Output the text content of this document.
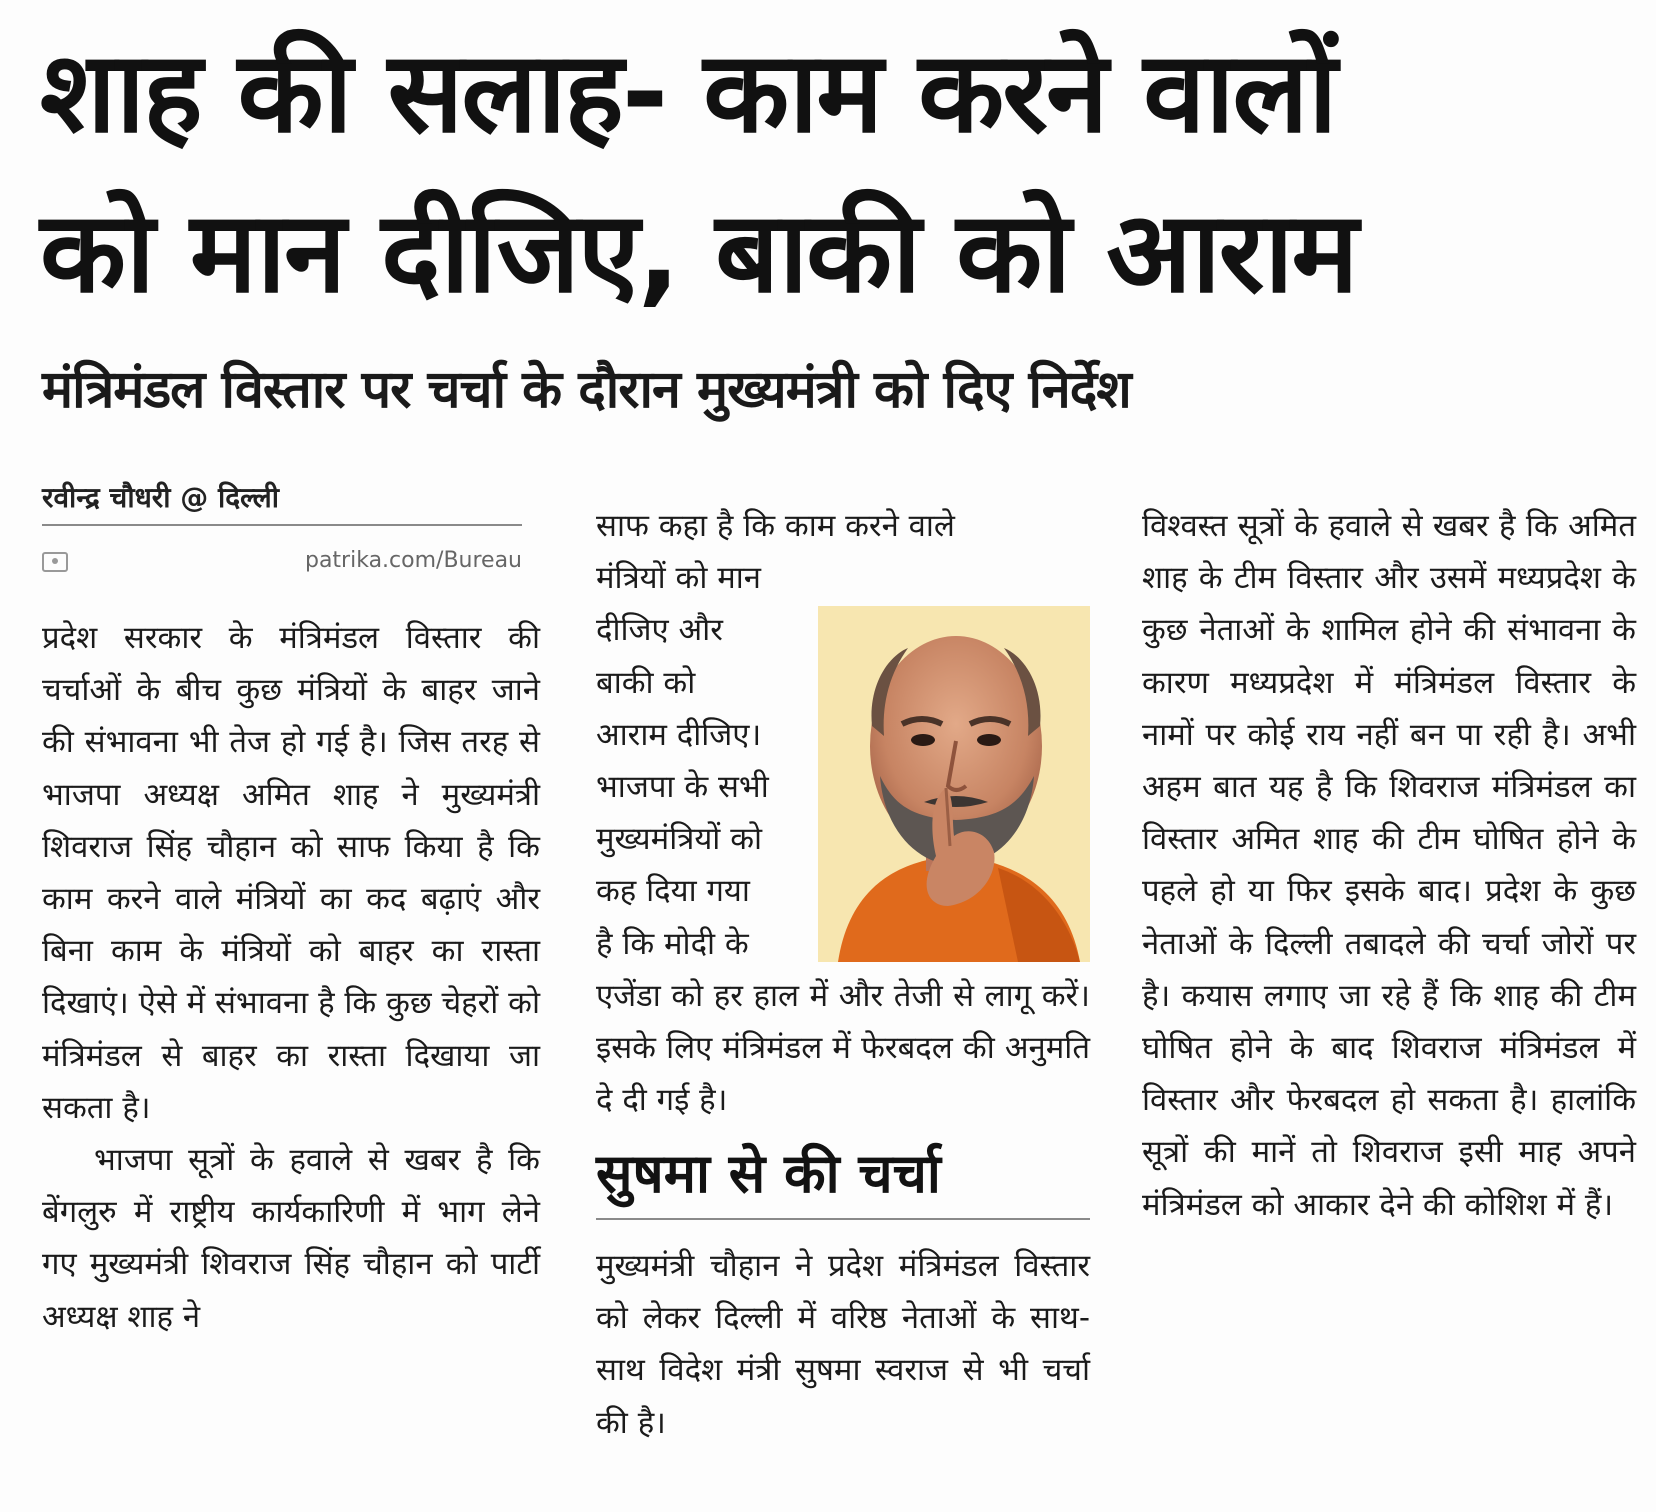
शाह की सलाह- काम करने वालों
को मान दीजिए, बाकी को आराम
मंत्रिमंडल विस्तार पर चर्चा के दौरान मुख्यमंत्री को दिए निर्देश
रवीन्द्र चौधरी @ दिल्ली
patrika.com/Bureau

प्रदेश सरकार के मंत्रिमंडल विस्तार की चर्चाओं के बीच कुछ मंत्रियों के बाहर जाने की संभावना भी तेज हो गई है। जिस तरह से भाजपा अध्यक्ष अमित शाह ने मुख्यमंत्री शिवराज सिंह चौहान को साफ किया है कि काम करने वाले मंत्रियों का कद बढ़ाएं और बिना काम के मंत्रियों को बाहर का रास्ता दिखाएं। ऐसे में संभावना है कि कुछ चेहरों को मंत्रिमंडल से बाहर का रास्ता दिखाया जा सकता है।

भाजपा सूत्रों के हवाले से खबर है कि बेंगलुरु में राष्ट्रीय कार्यकारिणी में भाग लेने गए मुख्यमंत्री शिवराज सिंह चौहान को पार्टी अध्यक्ष शाह ने

साफ कहा है कि काम करने वाले

मंत्रियों को मान

दीजिए और

बाकी को

आराम दीजिए।

भाजपा के सभी

मुख्यमंत्रियों को

कह दिया गया

है कि मोदी के

एजेंडा को हर हाल में और तेजी से लागू करें। इसके लिए मंत्रिमंडल में फेरबदल की अनुमति दे दी गई है।

सुषमा से की चर्चा

मुख्यमंत्री चौहान ने प्रदेश मंत्रिमंडल विस्तार को लेकर दिल्ली में वरिष्ठ नेताओं के साथ-साथ विदेश मंत्री सुषमा स्वराज से भी चर्चा की है।

विश्वस्त सूत्रों के हवाले से खबर है कि अमित शाह के टीम विस्तार और उसमें मध्यप्रदेश के कुछ नेताओं के शामिल होने की संभावना के कारण मध्यप्रदेश में मंत्रिमंडल विस्तार के नामों पर कोई राय नहीं बन पा रही है। अभी अहम बात यह है कि शिवराज मंत्रिमंडल का विस्तार अमित शाह की टीम घोषित होने के पहले हो या फिर इसके बाद। प्रदेश के कुछ नेताओं के दिल्ली तबादले की चर्चा जोरों पर है। कयास लगाए जा रहे हैं कि शाह की टीम घोषित होने के बाद शिवराज मंत्रिमंडल में विस्तार और फेरबदल हो सकता है। हालांकि सूत्रों की मानें तो शिवराज इसी माह अपने मंत्रिमंडल को आकार देने की कोशिश में हैं।
